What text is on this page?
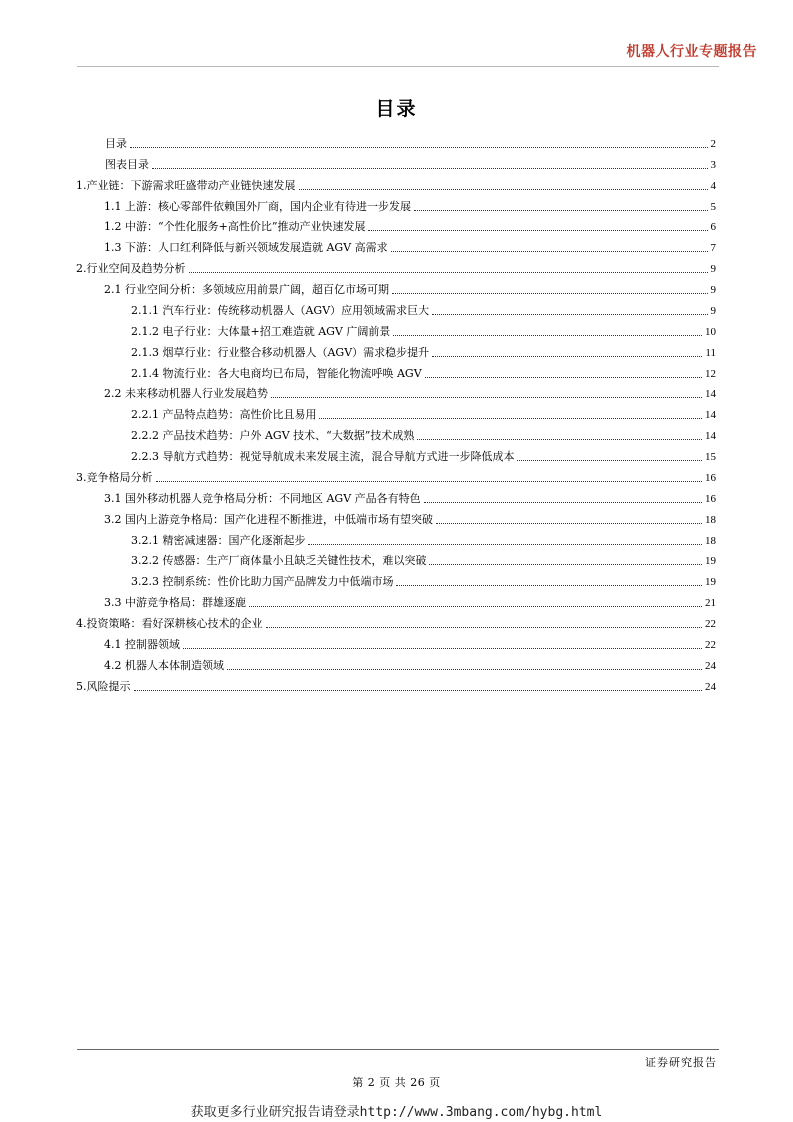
机器人行业专题报告
目录
目录	2
图表目录	3
1.产业链：下游需求旺盛带动产业链快速发展	4
1.1 上游：核心零部件依赖国外厂商，国内企业有待进一步发展	5
1.2 中游：“个性化服务+高性价比”推动产业快速发展	6
1.3 下游：人口红利降低与新兴领域发展造就 AGV 高需求	7
2.行业空间及趋势分析	9
2.1 行业空间分析：多领域应用前景广阔，超百亿市场可期	9
2.1.1 汽车行业：传统移动机器人（AGV）应用领域需求巨大	9
2.1.2 电子行业：大体量+招工难造就 AGV 广阔前景	10
2.1.3 烟草行业：行业整合移动机器人（AGV）需求稳步提升	11
2.1.4 物流行业：各大电商均已布局，智能化物流呼唤 AGV	12
2.2 未来移动机器人行业发展趋势	14
2.2.1 产品特点趋势：高性价比且易用	14
2.2.2 产品技术趋势：户外 AGV 技术、“大数据”技术成熟	14
2.2.3 导航方式趋势：视觉导航成未来发展主流，混合导航方式进一步降低成本	15
3.竞争格局分析	16
3.1 国外移动机器人竞争格局分析：不同地区 AGV 产品各有特色	16
3.2 国内上游竞争格局：国产化进程不断推进，中低端市场有望突破	18
3.2.1 精密减速器：国产化逐渐起步	18
3.2.2 传感器：生产厂商体量小且缺乏关键性技术，难以突破	19
3.2.3 控制系统：性价比助力国产品牌发力中低端市场	19
3.3 中游竞争格局：群雄逐鹿	21
4.投资策略：看好深耕核心技术的企业	22
4.1 控制器领域	22
4.2 机器人本体制造领域	24
5.风险提示	24
证券研究报告
第 2 页 共 26 页
获取更多行业研究报告请登录http://www.3mbang.com/hybg.html
